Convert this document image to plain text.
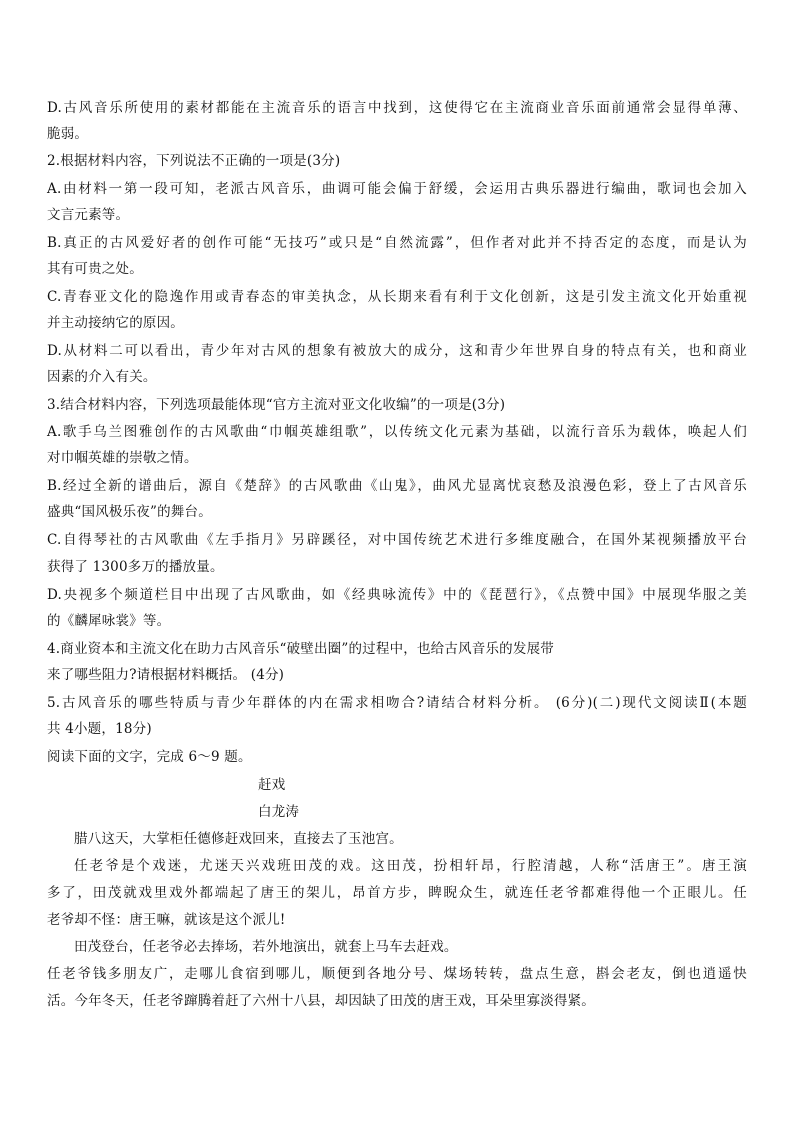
D.古风音乐所使用的素材都能在主流音乐的语言中找到，这使得它在主流商业音乐面前通常会显得单薄、
脆弱。
2.根据材料内容，下列说法不正确的一项是(3分)
A.由材料一第一段可知，老派古风音乐，曲调可能会偏于舒缓，会运用古典乐器进行编曲，歌词也会加入
文言元素等。
B.真正的古风爱好者的创作可能“无技巧”或只是“自然流露”，但作者对此并不持否定的态度，而是认为
其有可贵之处。
C.青春亚文化的隐逸作用或青春态的审美执念，从长期来看有利于文化创新，这是引发主流文化开始重视
并主动接纳它的原因。
D.从材料二可以看出，青少年对古风的想象有被放大的成分，这和青少年世界自身的特点有关，也和商业
因素的介入有关。
3.结合材料内容，下列选项最能体现“官方主流对亚文化收编”的一项是(3分)
A.歌手乌兰图雅创作的古风歌曲“巾帼英雄组歌”，以传统文化元素为基础，以流行音乐为载体，唤起人们
对巾帼英雄的崇敬之情。
B.经过全新的谱曲后，源自《楚辞》的古风歌曲《山鬼》，曲风尤显离忧哀愁及浪漫色彩，登上了古风音乐
盛典“国风极乐夜”的舞台。
C.自得琴社的古风歌曲《左手指月》另辟蹊径，对中国传统艺术进行多维度融合，在国外某视频播放平台
获得了 1300多万的播放量。
D.央视多个频道栏目中出现了古风歌曲，如《经典咏流传》中的《琵琶行》，《点赞中国》中展现华服之美
的《麟犀咏裳》等。
4.商业资本和主流文化在助力古风音乐“破壁出圈”的过程中，也给古风音乐的发展带
来了哪些阻力?请根据材料概括。 (4分)
5.古风音乐的哪些特质与青少年群体的内在需求相吻合?请结合材料分析。 (6分)(二)现代文阅读Ⅱ(本题
共 4小题，18分)
阅读下面的文字，完成 6～9 题。
赶戏
白龙涛
腊八这天，大掌柜任德修赶戏回来，直接去了玉池宫。
任老爷是个戏迷，尤迷天兴戏班田茂的戏。这田茂，扮相轩昂，行腔清越，人称“活唐王”。唐王演
多了，田茂就戏里戏外都端起了唐王的架儿，昂首方步，睥睨众生，就连任老爷都难得他一个正眼儿。任
老爷却不怪：唐王嘛，就该是这个派儿!
田茂登台，任老爷必去捧场，若外地演出，就套上马车去赶戏。
任老爷钱多朋友广，走哪儿食宿到哪儿，顺便到各地分号、煤场转转，盘点生意，斟会老友，倒也逍遥快
活。今年冬天，任老爷蹿腾着赶了六州十八县，却因缺了田茂的唐王戏，耳朵里寡淡得紧。
